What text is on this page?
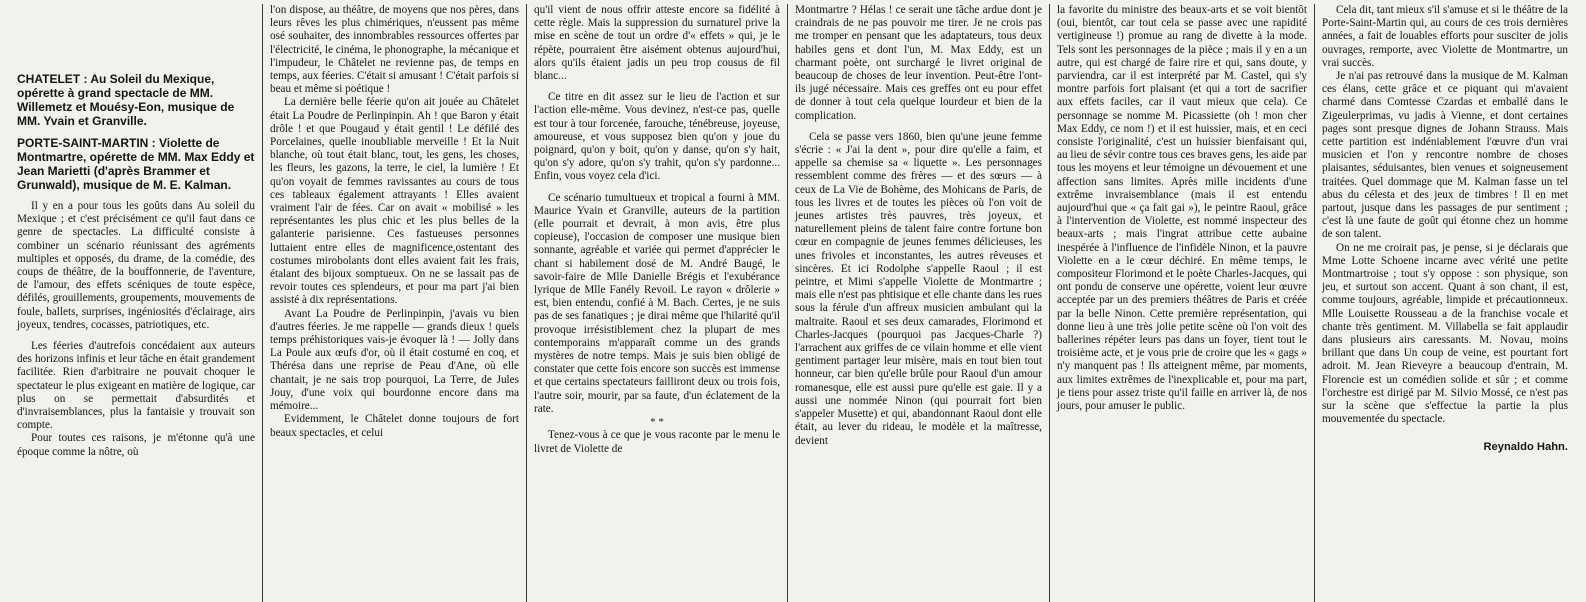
CHATELET : Au Soleil du Mexique, opérette à grand spectacle de MM. Willemetz et Mouésy-Eon, musique de MM. Yvain et Granville.

PORTE-SAINT-MARTIN : Violette de Montmartre, opérette de MM. Max Eddy et Jean Marietti (d'après Brammer et Grunwald), musique de M. E. Kalman.

Il y en a pour tous les goûts dans Au soleil du Mexique ; et c'est précisément ce qu'il faut dans ce genre de spectacles. La difficulté consiste à combiner un scénario réunissant des agréments multiples et opposés, du drame, de la comédie, des coups de théâtre, de la bouffonnerie, de l'aventure, de l'amour, des effets scéniques de toute espèce, défilés, grouillements, groupements, mouvements de foule, ballets, surprises, ingéniosités d'éclairage, airs joyeux, tendres, cocasses, patriotiques, etc.

Les féeries d'autrefois concédaient aux auteurs des horizons infinis et leur tâche en était grandement facilitée. Rien d'arbitraire ne pouvait choquer le spectateur le plus exigeant en matière de logique, car plus on se permettait d'absurdités et d'invraisemblances, plus la fantaisie y trouvait son compte.

Pour toutes ces raisons, je m'étonne qu'à une époque comme la nôtre, où

l'on dispose, au théâtre, de moyens que nos pères, dans leurs rêves les plus chimériques, n'eussent pas même osé souhaiter, des innombrables ressources offertes par l'électricité, le cinéma, le phonographe, la mécanique et l'impudeur, le Châtelet ne revienne pas, de temps en temps, aux féeries. C'était si amusant ! C'était parfois si beau et même si poétique !

La dernière belle féerie qu'on ait jouée au Châtelet était La Poudre de Perlinpinpin. Ah ! que Baron y était drôle ! et que Pougaud y était gentil ! Le défilé des Porcelaines, quelle inoubliable merveille ! Et la Nuit blanche, où tout était blanc, tout, les gens, les choses, les fleurs, les gazons, la terre, le ciel, la lumière ! Et qu'on voyait de femmes ravissantes au cours de tous ces tableaux également attrayants ! Elles avaient vraiment l'air de fées. Car on avait « mobilisé » les représentantes les plus chic et les plus belles de la galanterie parisienne. Ces fastueuses personnes luttaient entre elles de magnificence,ostentant des costumes mirobolants dont elles avaient fait les frais, étalant des bijoux somptueux. On ne se lassait pas de revoir toutes ces splendeurs, et pour ma part j'ai bien assisté à dix représentations.

Avant La Poudre de Perlinpinpin, j'avais vu bien d'autres féeries. Je me rappelle — grands dieux ! quels temps préhistoriques vais-je évoquer là ! — Jolly dans La Poule aux œufs d'or, où il était costumé en coq, et Thérésa dans une reprise de Peau d'Ane, où elle chantait, je ne sais trop pourquoi, La Terre, de Jules Jouy, d'une voix qui bourdonne encore dans ma mémoire...

Evidemment, le Châtelet donne toujours de fort beaux spectacles, et celui

qu'il vient de nous offrir atteste encore sa fidélité à cette règle. Mais la suppression du surnaturel prive la mise en scène de tout un ordre d'« effets » qui, je le répète, pourraient être aisément obtenus aujourd'hui, alors qu'ils étaient jadis un peu trop cousus de fil blanc...

Ce titre en dit assez sur le lieu de l'action et sur l'action elle-même. Vous devinez, n'est-ce pas, quelle est tour à tour forcenée, farouche, ténébreuse, joyeuse, amoureuse, et vous supposez bien qu'on y joue du poignard, qu'on y boit, qu'on y danse, qu'on s'y hait, qu'on s'y adore, qu'on s'y trahit, qu'on s'y pardonne... Enfin, vous voyez cela d'ici.

Ce scénario tumultueux et tropical a fourni à MM. Maurice Yvain et Granville, auteurs de la partition (elle pourrait et devrait, à mon avis, être plus copieuse), l'occasion de composer une musique bien sonnante, agréable et variée qui permet d'apprécier le chant si habilement dosé de M. André Baugé, le savoir-faire de Mlle Danielle Brégis et l'exubérance lyrique de Mlle Fanély Revoil. Le rayon « drôlerie » est, bien entendu, confié à M. Bach. Certes, je ne suis pas de ses fanatiques ; je dirai même que l'hilarité qu'il provoque irrésistiblement chez la plupart de mes contemporains m'apparaît comme un des grands mystères de notre temps. Mais je suis bien obligé de constater que cette fois encore son succès est immense et que certains spectateurs failliront deux ou trois fois, l'autre soir, mourir, par sa faute, d'un éclatement de la rate.

* *

Tenez-vous à ce que je vous raconte par le menu le livret de Violette de

Montmartre ? Hélas ! ce serait une tâche ardue dont je craindrais de ne pas pouvoir me tirer. Je ne crois pas me tromper en pensant que les adaptateurs, tous deux habiles gens et dont l'un, M. Max Eddy, est un charmant poète, ont surchargé le livret original de beaucoup de choses de leur invention. Peut-être l'ont-ils jugé nécessaire. Mais ces greffes ont eu pour effet de donner à tout cela quelque lourdeur et bien de la complication.

Cela se passe vers 1860, bien qu'une jeune femme s'écrie : « J'ai la dent », pour dire qu'elle a faim, et appelle sa chemise sa « liquette ». Les personnages ressemblent comme des frères — et des sœurs — à ceux de La Vie de Bohème, des Mohicans de Paris, de tous les livres et de toutes les pièces où l'on voit de jeunes artistes très pauvres, très joyeux, et naturellement pleins de talent faire contre fortune bon cœur en compagnie de jeunes femmes délicieuses, les unes frivoles et inconstantes, les autres rêveuses et sincères. Et ici Rodolphe s'appelle Raoul ; il est peintre, et Mimi s'appelle Violette de Montmartre ; mais elle n'est pas phtisique et elle chante dans les rues sous la férule d'un affreux musicien ambulant qui la maltraite. Raoul et ses deux camarades, Florimond et Charles-Jacques (pourquoi pas Jacques-Charle ?) l'arrachent aux griffes de ce vilain homme et elle vient gentiment partager leur misère, mais en tout bien tout honneur, car bien qu'elle brûle pour Raoul d'un amour romanesque, elle est aussi pure qu'elle est gaie. Il y a aussi une nommée Ninon (qui pourrait fort bien s'appeler Musette) et qui, abandonnant Raoul dont elle était, au lever du rideau, le modèle et la maîtresse, devient

la favorite du ministre des beaux-arts et se voit bientôt (oui, bientôt, car tout cela se passe avec une rapidité vertigineuse !) promue au rang de divette à la mode. Tels sont les personnages de la pièce ; mais il y en a un autre, qui est chargé de faire rire et qui, sans doute, y parviendra, car il est interprété par M. Castel, qui s'y montre parfois fort plaisant (et qui a tort de sacrifier aux effets faciles, car il vaut mieux que cela). Ce personnage se nomme M. Picassiette (oh ! mon cher Max Eddy, ce nom !) et il est huissier, mais, et en ceci consiste l'originalité, c'est un huissier bienfaisant qui, au lieu de sévir contre tous ces braves gens, les aide par tous les moyens et leur témoigne un dévouement et une affection sans limites. Après mille incidents d'une extrême invraisemblance (mais il est entendu aujourd'hui que « ça fait gai »), le peintre Raoul, grâce à l'intervention de Violette, est nommé inspecteur des beaux-arts ; mais l'ingrat attribue cette aubaine inespérée à l'influence de l'infidèle Ninon, et la pauvre Violette en a le cœur déchiré. En même temps, le compositeur Florimond et le poète Charles-Jacques, qui ont pondu de conserve une opérette, voient leur œuvre acceptée par un des premiers théâtres de Paris et créée par la belle Ninon. Cette première représentation, qui donne lieu à une très jolie petite scène où l'on voit des ballerines répéter leurs pas dans un foyer, tient tout le troisième acte, et je vous prie de croire que les « gags » n'y manquent pas ! Ils atteignent même, par moments, aux limites extrêmes de l'inexplicable et, pour ma part, je tiens pour assez triste qu'il faille en arriver là, de nos jours, pour amuser le public.

Cela dit, tant mieux s'il s'amuse et si le théâtre de la Porte-Saint-Martin qui, au cours de ces trois dernières années, a fait de louables efforts pour susciter de jolis ouvrages, remporte, avec Violette de Montmartre, un vrai succès.

Je n'ai pas retrouvé dans la musique de M. Kalman ces élans, cette grâce et ce piquant qui m'avaient charmé dans Comtesse Czardas et emballé dans le Zigeulerprimas, vu jadis à Vienne, et dont certaines pages sont presque dignes de Johann Strauss. Mais cette partition est indéniablement l'œuvre d'un vrai musicien et l'on y rencontre nombre de choses plaisantes, séduisantes, bien venues et soigneusement traitées. Quel dommage que M. Kalman fasse un tel abus du célesta et des jeux de timbres ! Il en met partout, jusque dans les passages de pur sentiment ; c'est là une faute de goût qui étonne chez un homme de son talent.

On ne me croirait pas, je pense, si je déclarais que Mme Lotte Schoene incarne avec vérité une petite Montmartroise ; tout s'y oppose : son physique, son jeu, et surtout son accent. Quant à son chant, il est, comme toujours, agréable, limpide et précautionneux. Mlle Louisette Rousseau a de la franchise vocale et chante très gentiment. M. Villabella se fait applaudir dans plusieurs airs caressants. M. Novau, moins brillant que dans Un coup de veine, est pourtant fort adroit. M. Jean Rieveyre a beaucoup d'entrain, M. Florencie est un comédien solide et sûr ; et comme l'orchestre est dirigé par M. Silvio Mossé, ce n'est pas sur la scène que s'effectue la partie la plus mouvementée du spectacle.

Reynaldo Hahn.
